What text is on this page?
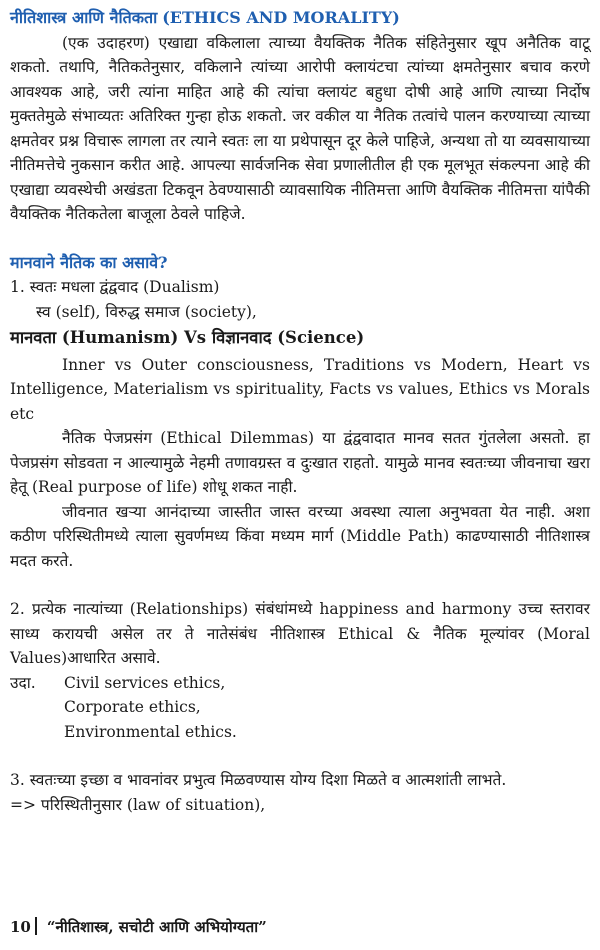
नीतिशास्त्र आणि नैतिकता (ETHICS AND MORALITY)

(एक उदाहरण) एखाद्या वकिलाला त्याच्या वैयक्तिक नैतिक संहितेनुसार खूप अनैतिक वाटू शकतो. तथापि, नैतिकतेनुसार, वकिलाने त्यांच्या आरोपी क्लायंटचा त्यांच्या क्षमतेनुसार बचाव करणे आवश्यक आहे, जरी त्यांना माहित आहे की त्यांचा क्लायंट बहुधा दोषी आहे आणि त्याच्या निर्दोष मुक्ततेमुळे संभाव्यतः अतिरिक्त गुन्हा होऊ शकतो. जर वकील या नैतिक तत्वांचे पालन करण्याच्या त्याच्या क्षमतेवर प्रश्न विचारू लागला तर त्याने स्वतः ला या प्रथेपासून दूर केले पाहिजे, अन्यथा तो या व्यवसायाच्या नीतिमत्तेचे नुकसान करीत आहे. आपल्या सार्वजनिक सेवा प्रणालीतील ही एक मूलभूत संकल्पना आहे की एखाद्या व्यवस्थेची अखंडता टिकवून ठेवण्यासाठी व्यावसायिक नीतिमत्ता आणि वैयक्तिक नीतिमत्ता यांपैकी वैयक्तिक नैतिकतेला बाजूला ठेवले पाहिजे.

मानवाने नैतिक का असावे?

1. स्वतः मधला द्वंद्ववाद (Dualism)

स्व (self), विरुद्ध समाज (society),

मानवता (Humanism) Vs विज्ञानवाद (Science)

Inner vs Outer consciousness, Traditions vs Modern, Heart vs Intelligence, Materialism vs spirituality, Facts vs values, Ethics vs Morals etc

नैतिक पेजप्रसंग (Ethical Dilemmas) या द्वंद्ववादात मानव सतत गुंतलेला असतो. हा पेजप्रसंग सोडवता न आल्यामुळे नेहमी तणावग्रस्त व दुःखात राहतो. यामुळे मानव स्वतःच्या जीवनाचा खरा हेतू (Real purpose of life) शोधू शकत नाही.

जीवनात खऱ्या आनंदाच्या जास्तीत जास्त वरच्या अवस्था त्याला अनुभवता येत नाही. अशा कठीण परिस्थितीमध्ये त्याला सुवर्णमध्य किंवा मध्यम मार्ग (Middle Path) काढण्यासाठी नीतिशास्त्र मदत करते.

2. प्रत्येक नात्यांच्या (Relationships) संबंधांमध्ये happiness and harmony उच्च स्तरावर साध्य करायची असेल तर ते नातेसंबंध नीतिशास्त्र Ethical & नैतिक मूल्यांवर (Moral Values)आधारित असावे.

उदा.	Civil services ethics,
Corporate ethics,
Environmental ethics.

3. स्वतःच्या इच्छा व भावनांवर प्रभुत्व मिळवण्यास योग्य दिशा मिळते व आत्मशांती लाभते.

=> परिस्थितीनुसार (law of situation),

10 “नीतिशास्त्र, सचोटी आणि अभियोग्यता”
